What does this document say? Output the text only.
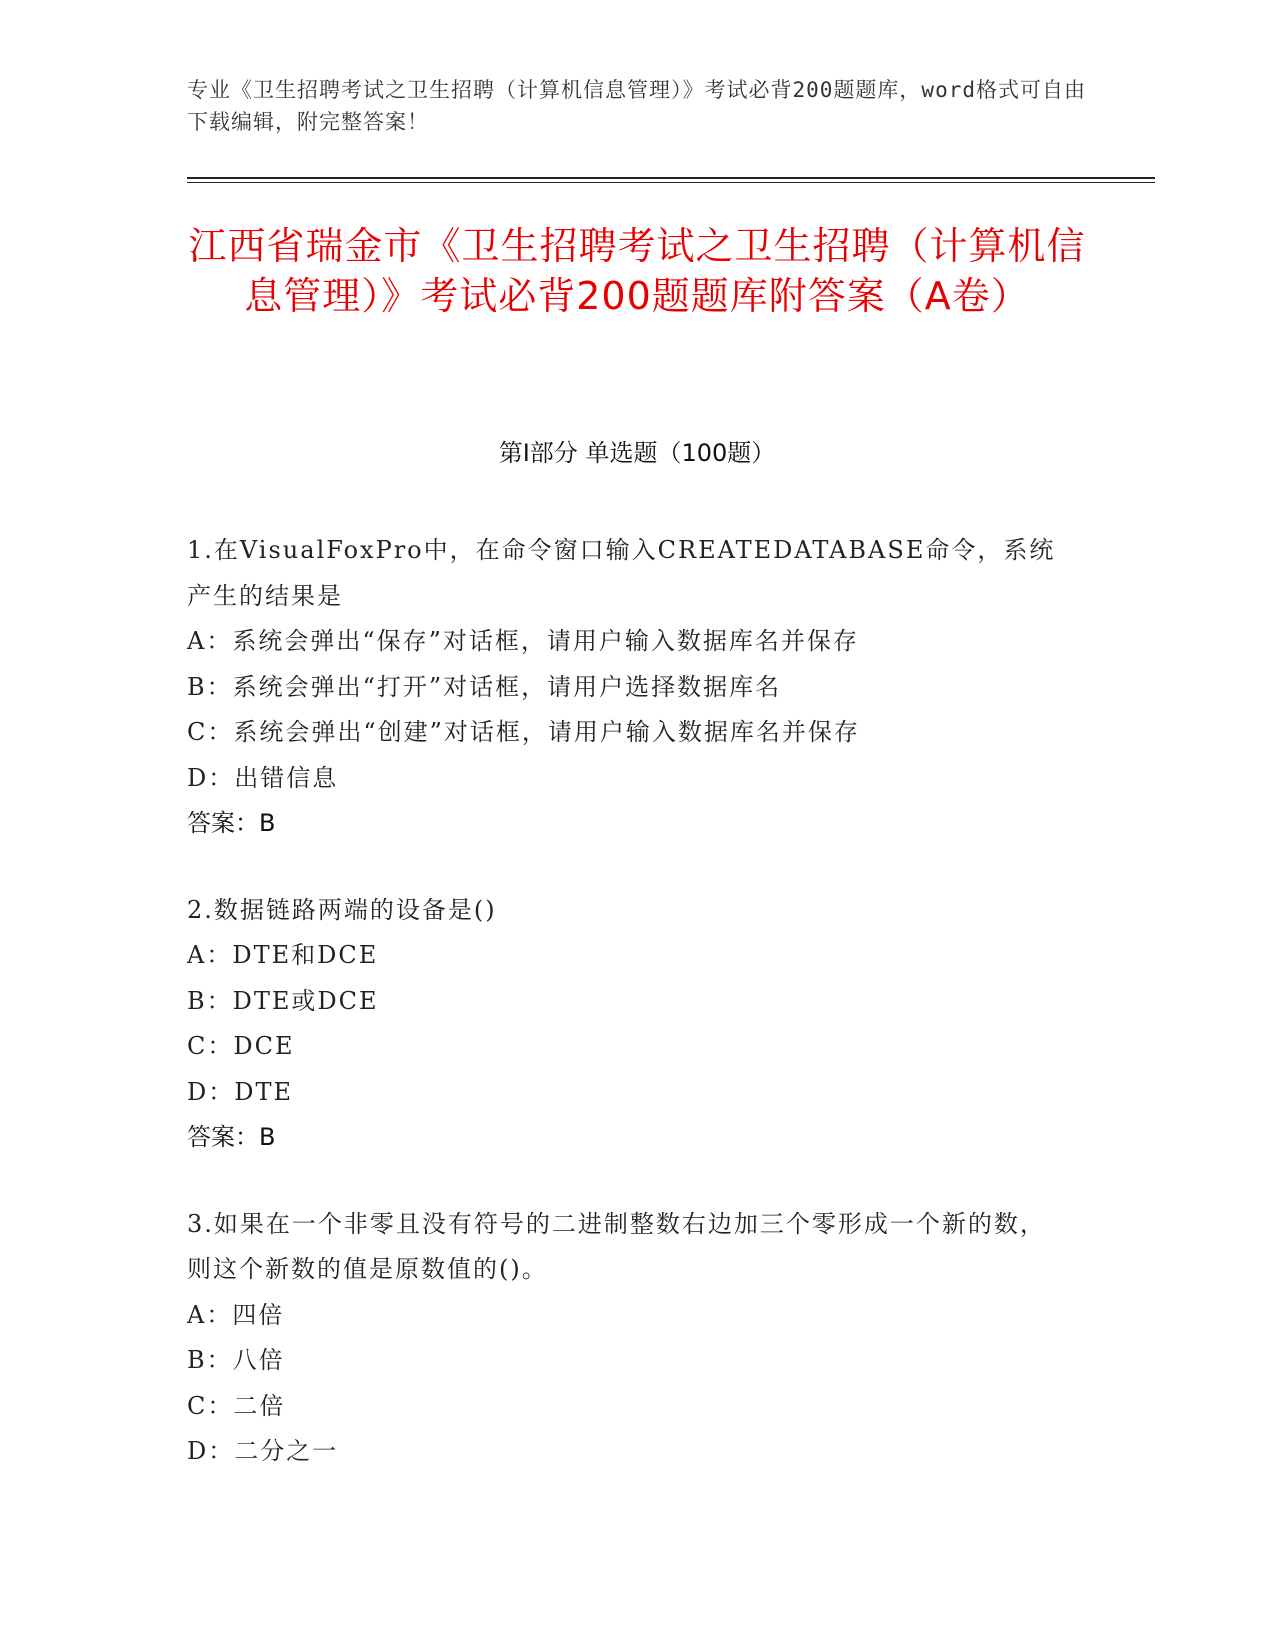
专业《卫生招聘考试之卫生招聘（计算机信息管理）》考试必背200题题库，word格式可自由下载编辑，附完整答案！
江西省瑞金市《卫生招聘考试之卫生招聘（计算机信息管理）》考试必背200题题库附答案（A卷）
第I部分 单选题（100题）
1.在VisualFoxPro中，在命令窗口输入CREATEDATABASE命令，系统产生的结果是
A：系统会弹出“保存”对话框，请用户输入数据库名并保存
B：系统会弹出“打开”对话框，请用户选择数据库名
C：系统会弹出“创建”对话框，请用户输入数据库名并保存
D：出错信息
答案：B
2.数据链路两端的设备是()
A：DTE和DCE
B：DTE或DCE
C：DCE
D：DTE
答案：B
3.如果在一个非零且没有符号的二进制整数右边加三个零形成一个新的数，则这个新数的值是原数值的()。
A：四倍
B：八倍
C：二倍
D：二分之一
